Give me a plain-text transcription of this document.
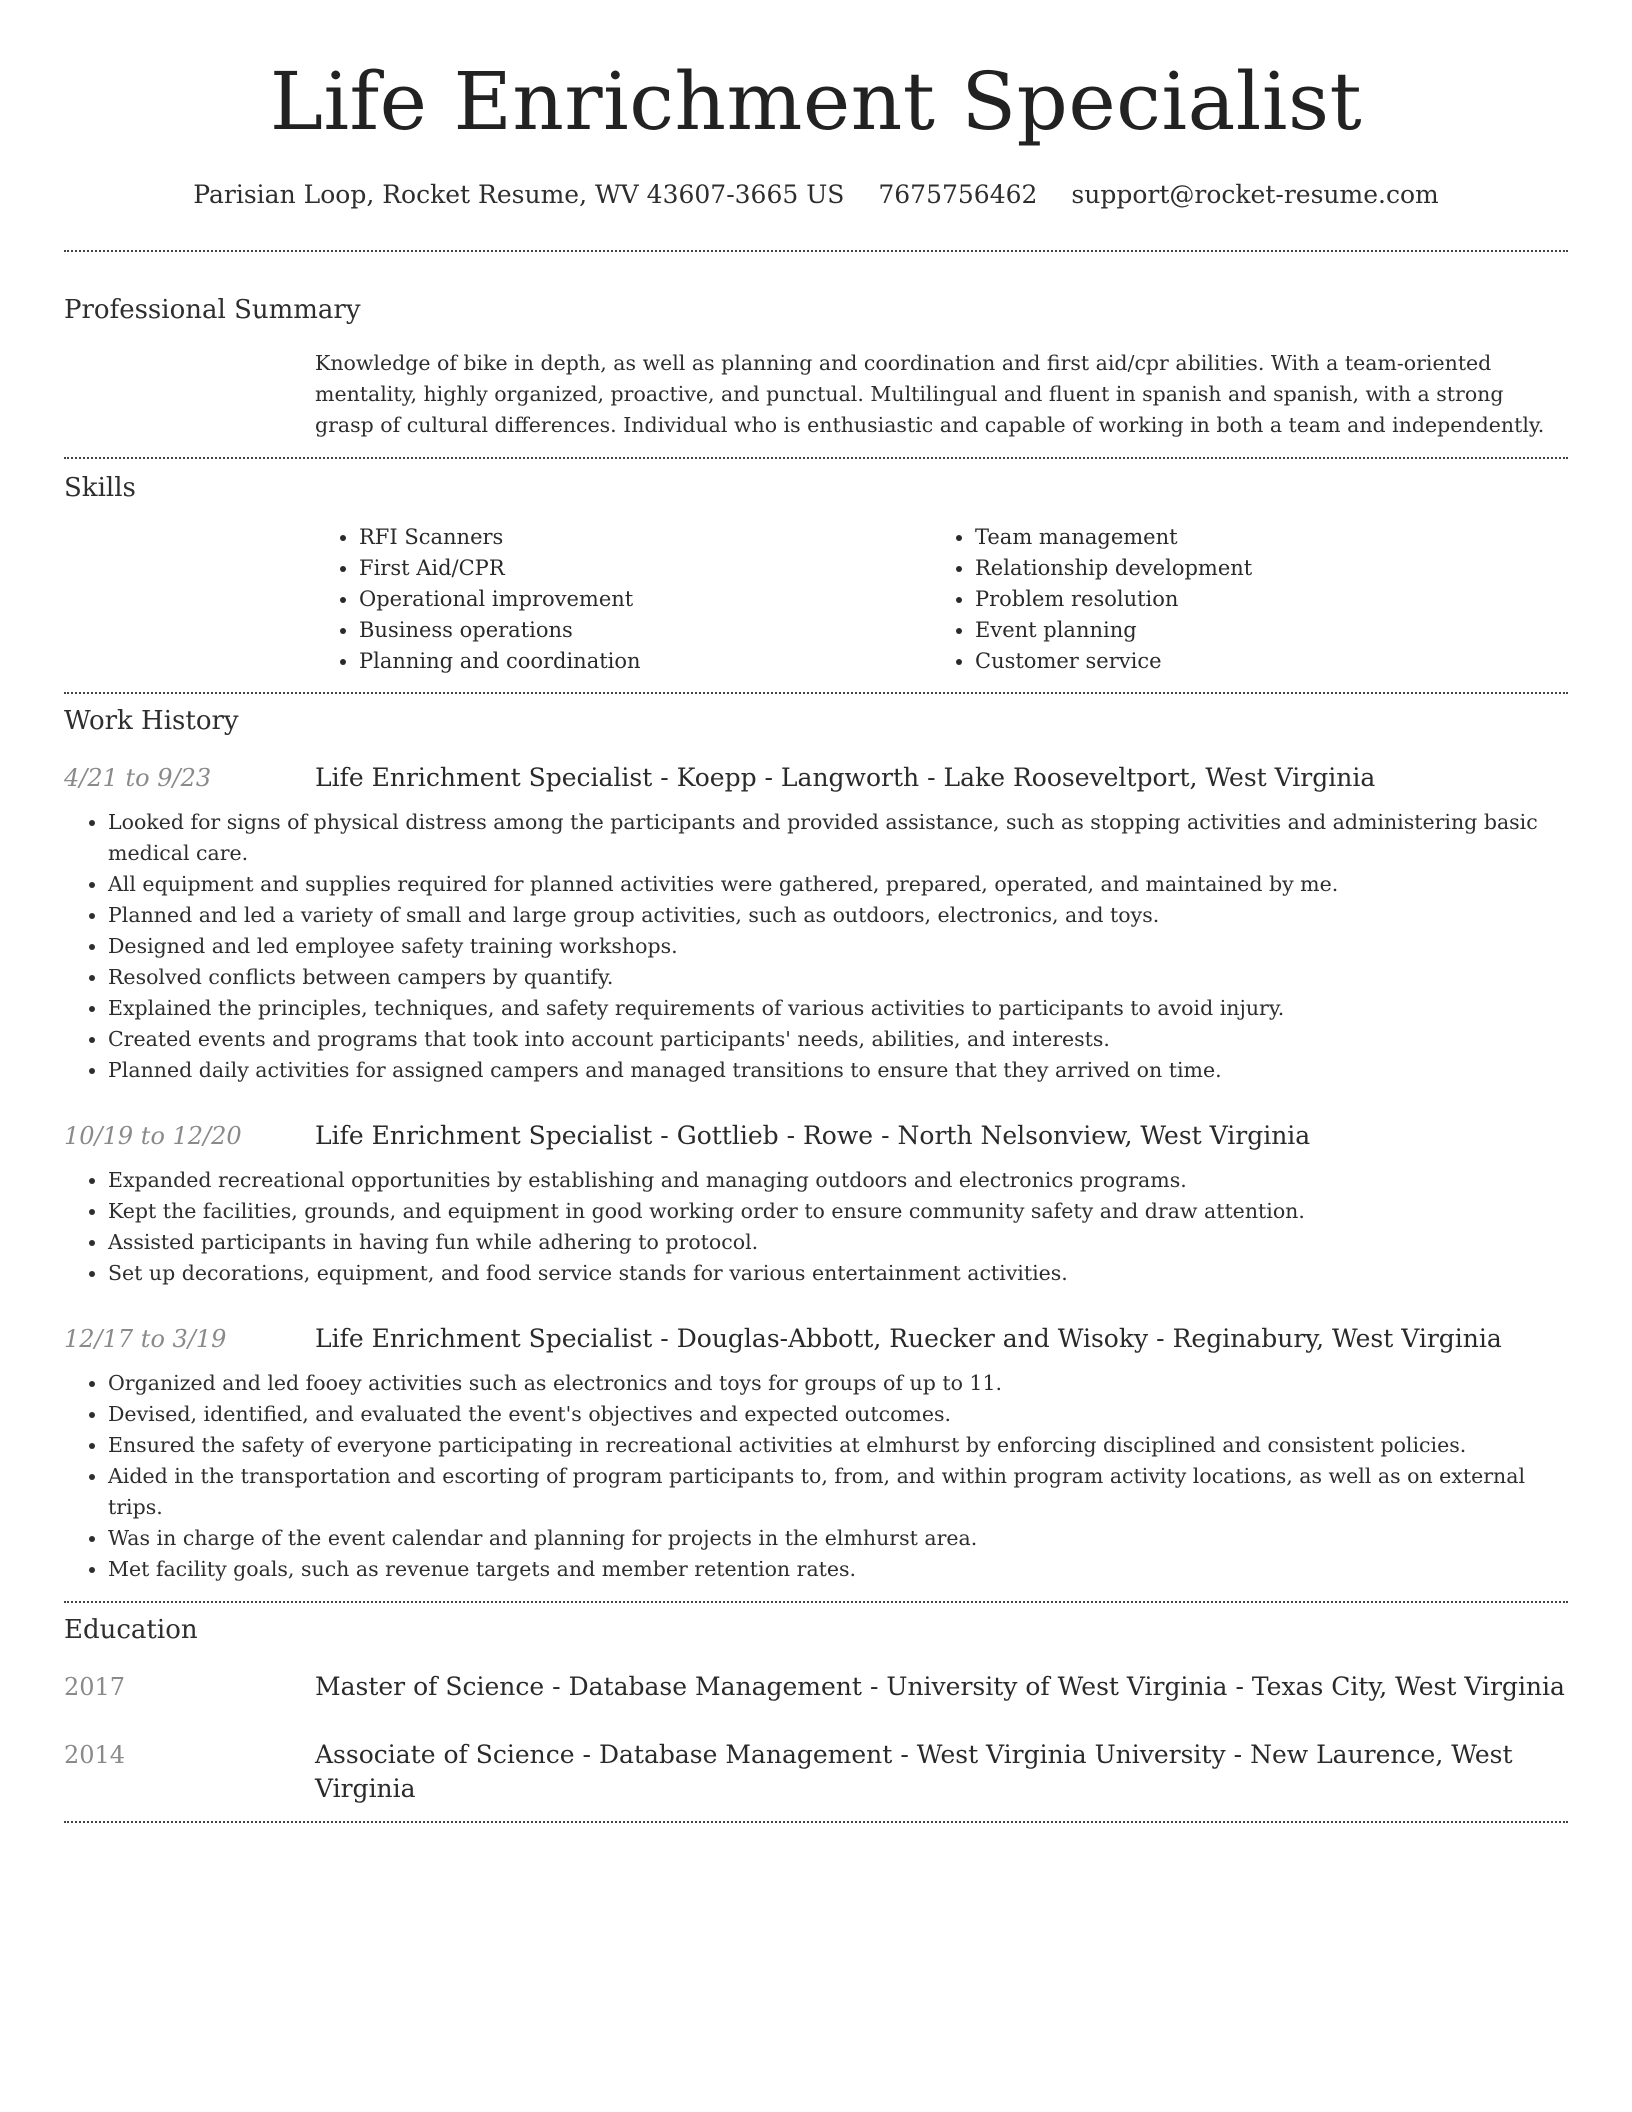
Life Enrichment Specialist
Parisian Loop, Rocket Resume, WV 43607-3665 US 7675756462 support@rocket-resume.com
Professional Summary
Knowledge of bike in depth, as well as planning and coordination and first aid/cpr abilities. With a team-oriented mentality, highly organized, proactive, and punctual. Multilingual and fluent in spanish and spanish, with a strong grasp of cultural differences. Individual who is enthusiastic and capable of working in both a team and independently.
Skills
• RFI Scanners
• First Aid/CPR
• Operational improvement
• Business operations
• Planning and coordination
• Team management
• Relationship development
• Problem resolution
• Event planning
• Customer service
Work History
4/21 to 9/23	Life Enrichment Specialist - Koepp - Langworth - Lake Rooseveltport, West Virginia
• Looked for signs of physical distress among the participants and provided assistance, such as stopping activities and administering basic medical care.
• All equipment and supplies required for planned activities were gathered, prepared, operated, and maintained by me.
• Planned and led a variety of small and large group activities, such as outdoors, electronics, and toys.
• Designed and led employee safety training workshops.
• Resolved conflicts between campers by quantify.
• Explained the principles, techniques, and safety requirements of various activities to participants to avoid injury.
• Created events and programs that took into account participants' needs, abilities, and interests.
• Planned daily activities for assigned campers and managed transitions to ensure that they arrived on time.
10/19 to 12/20	Life Enrichment Specialist - Gottlieb - Rowe - North Nelsonview, West Virginia
• Expanded recreational opportunities by establishing and managing outdoors and electronics programs.
• Kept the facilities, grounds, and equipment in good working order to ensure community safety and draw attention.
• Assisted participants in having fun while adhering to protocol.
• Set up decorations, equipment, and food service stands for various entertainment activities.
12/17 to 3/19	Life Enrichment Specialist - Douglas-Abbott, Ruecker and Wisoky - Reginabury, West Virginia
• Organized and led fooey activities such as electronics and toys for groups of up to 11.
• Devised, identified, and evaluated the event's objectives and expected outcomes.
• Ensured the safety of everyone participating in recreational activities at elmhurst by enforcing disciplined and consistent policies.
• Aided in the transportation and escorting of program participants to, from, and within program activity locations, as well as on external trips.
• Was in charge of the event calendar and planning for projects in the elmhurst area.
• Met facility goals, such as revenue targets and member retention rates.
Education
2017	Master of Science - Database Management - University of West Virginia - Texas City, West Virginia
2014	Associate of Science - Database Management - West Virginia University - New Laurence, West Virginia
